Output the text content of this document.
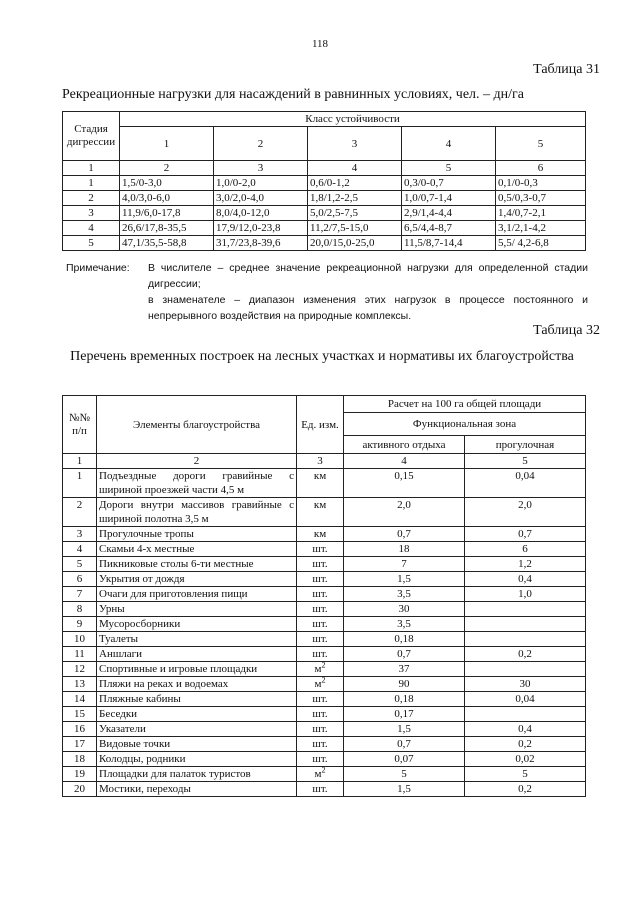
118
Таблица 31
Рекреационные нагрузки для насаждений в равнинных условиях, чел. – дн/га
Стадия дигрессии	Класс устойчивости				
	1	2	3	4	5
1	2	3	4	5	6
1	1,5/0-3,0	1,0/0-2,0	0,6/0-1,2	0,3/0-0,7	0,1/0-0,3
2	4,0/3,0-6,0	3,0/2,0-4,0	1,8/1,2-2,5	1,0/0,7-1,4	0,5/0,3-0,7
3	11,9/6,0-17,8	8,0/4,0-12,0	5,0/2,5-7,5	2,9/1,4-4,4	1,4/0,7-2,1
4	26,6/17,8-35,5	17,9/12,0-23,8	11,2/7,5-15,0	6,5/4,4-8,7	3,1/2,1-4,2
5	47,1/35,5-58,8	31,7/23,8-39,6	20,0/15,0-25,0	11,5/8,7-14,4	5,5/ 4,2-6,8
Примечание: В числителе – среднее значение рекреационной нагрузки для определенной стадии дигрессии;
в знаменателе – диапазон изменения этих нагрузок в процессе постоянного и непрерывного воздействия на природные комплексы.
Таблица 32
Перечень временных построек на лесных участках и нормативы их благоустройства
№№ п/п	Элементы благоустройства	Ед. изм.	Расчет на 100 га общей площади	
			Функциональная зона	
			активного отдыха	прогулочная
1	2	3	4	5
1	Подъездные дороги гравийные с шириной проезжей части 4,5 м	км	0,15	0,04
2	Дороги внутри массивов гравийные с шириной полотна 3,5 м	км	2,0	2,0
3	Прогулочные тропы	км	0,7	0,7
4	Скамьи 4-х местные	шт.	18	6
5	Пикниковые столы 6-ти местные	шт.	7	1,2
6	Укрытия от дождя	шт.	1,5	0,4
7	Очаги для приготовления пищи	шт.	3,5	1,0
8	Урны	шт.	30	
9	Мусоросборники	шт.	3,5	
10	Туалеты	шт.	0,18	
11	Аншлаги	шт.	0,7	0,2
12	Спортивные и игровые площадки	$м^2$	37	
13	Пляжи на реках и водоемах	$м^2$	90	30
14	Пляжные кабины	шт.	0,18	0,04
15	Беседки	шт.	0,17	
16	Указатели	шт.	1,5	0,4
17	Видовые точки	шт.	0,7	0,2
18	Колодцы, родники	шт.	0,07	0,02
19	Площадки для палаток туристов	$м^2$	5	5
20	Мостики, переходы	шт.	1,5	0,2
